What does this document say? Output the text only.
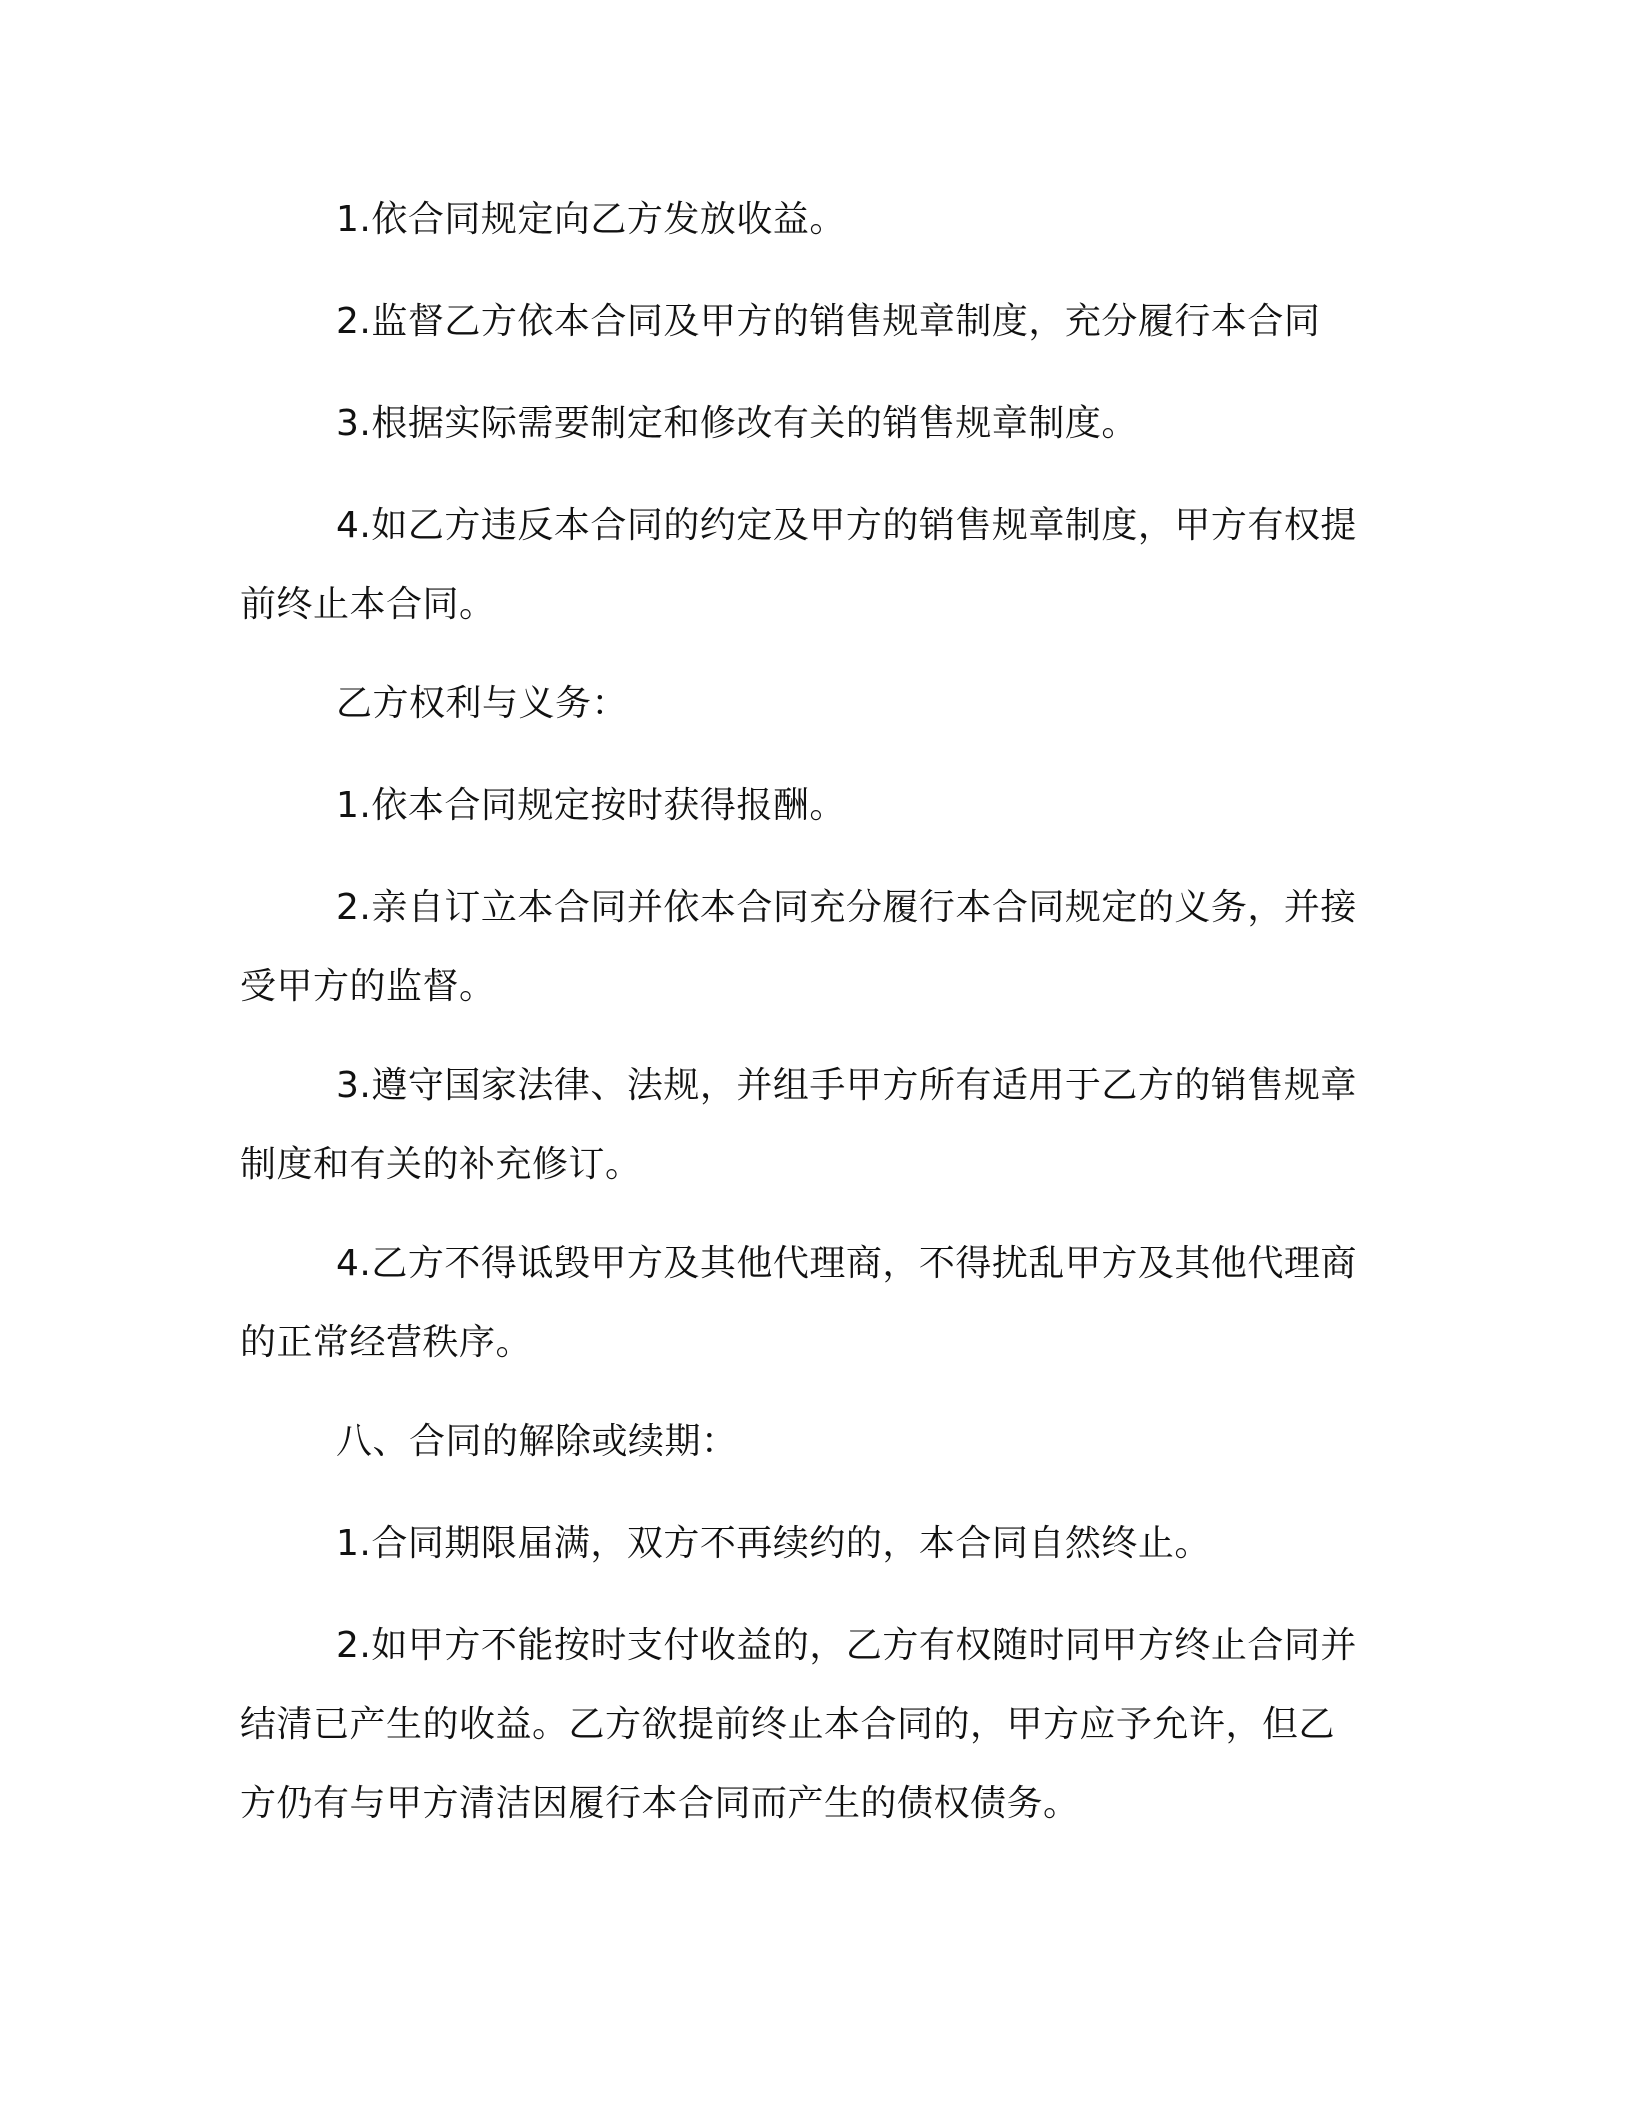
1.依合同规定向乙方发放收益。

2.监督乙方依本合同及甲方的销售规章制度，充分履行本合同

3.根据实际需要制定和修改有关的销售规章制度。

4.如乙方违反本合同的约定及甲方的销售规章制度，甲方有权提前终止本合同。

乙方权利与义务：

1.依本合同规定按时获得报酬。

2.亲自订立本合同并依本合同充分履行本合同规定的义务，并接受甲方的监督。

3.遵守国家法律、法规，并组手甲方所有适用于乙方的销售规章制度和有关的补充修订。

4.乙方不得诋毁甲方及其他代理商，不得扰乱甲方及其他代理商的正常经营秩序。

八、合同的解除或续期：

1.合同期限届满，双方不再续约的，本合同自然终止。

2.如甲方不能按时支付收益的，乙方有权随时同甲方终止合同并结清已产生的收益。乙方欲提前终止本合同的，甲方应予允许，但乙方仍有与甲方清洁因履行本合同而产生的债权债务。
